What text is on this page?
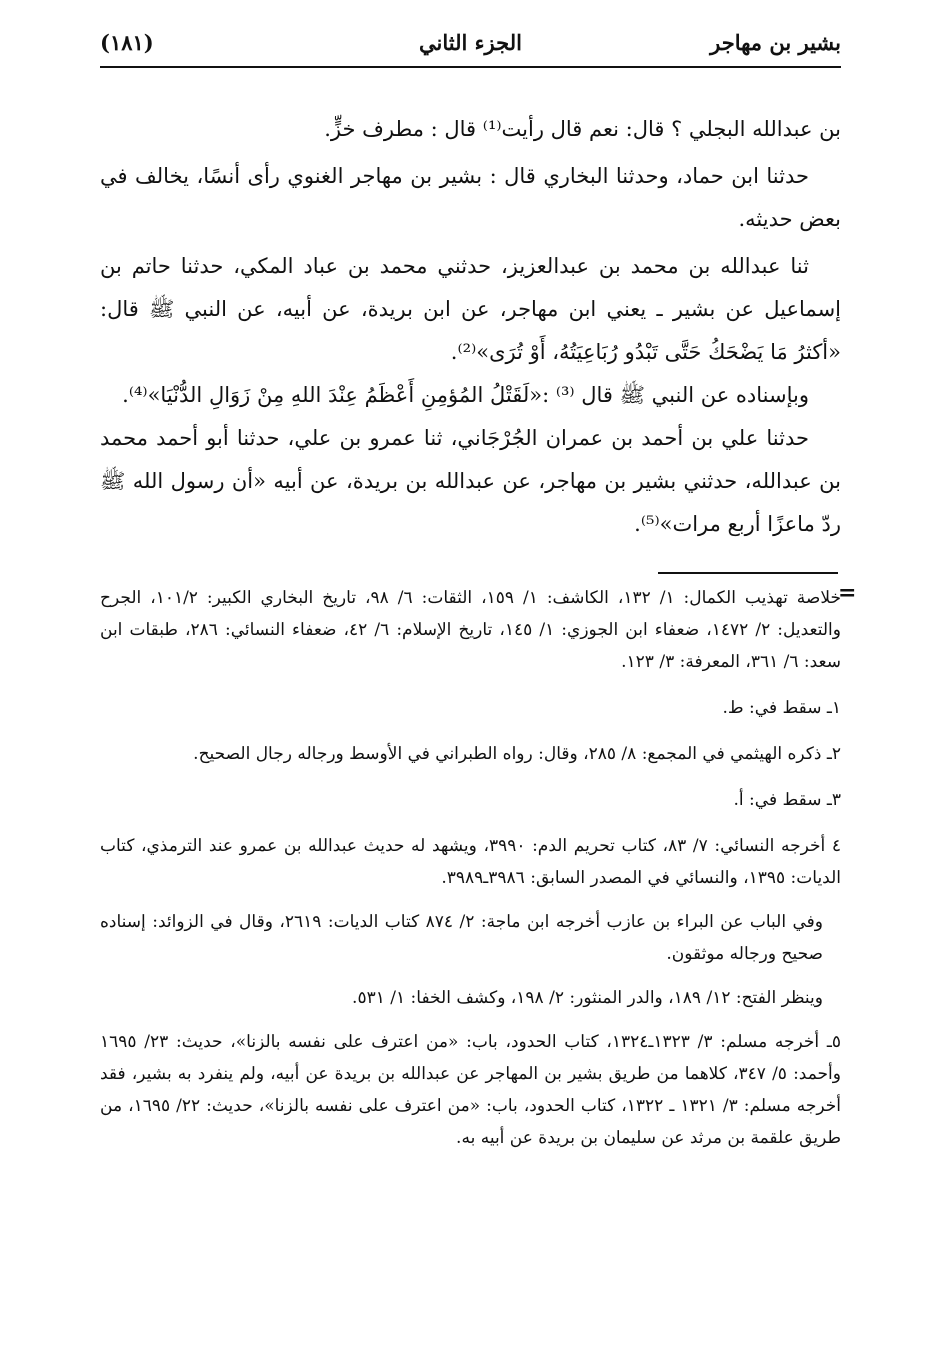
بشير بن مهاجر
الجزء الثاني
(١٨١)

بن عبدالله البجلي ؟ قال: نعم قال رأيت⁽¹⁾ قال : مطرف خزٍّ.

حدثنا ابن حماد، وحدثنا البخاري قال : بشير بن مهاجر الغنوي رأى أنسًا، يخالف في بعض حديثه.

ثنا عبدالله بن محمد بن عبدالعزيز، حدثني محمد بن عباد المكي، حدثنا حاتم بن إسماعيل عن بشير ـ يعني ابن مهاجر، عن ابن بريدة، عن أبيه، عن النبي ﷺ قال: «أكثرُ مَا يَضْحَكُ حَتَّى تَبْدُو رُبَاعِيَتُهُ، أَوْ تُرَى»⁽²⁾.

وبإسناده عن النبي ﷺ قال ⁽³⁾ :«لَقَتْلُ المُؤمِنِ أَعْظَمُ عِنْدَ اللهِ مِنْ زَوَالِ الدُّنْيَا»⁽⁴⁾.

حدثنا علي بن أحمد بن عمران الجُرْجَاني، ثنا عمرو بن علي، حدثنا أبو أحمد محمد بن عبدالله، حدثني بشير بن مهاجر، عن عبدالله بن بريدة، عن أبيه «أن رسول الله ﷺ ردّ ماعزًا أربع مرات»⁽⁵⁾.

=

خلاصة تهذيب الكمال: ١/ ١٣٢، الكاشف: ١/ ١٥٩، الثقات: ٦/ ٩٨، تاريخ البخاري الكبير: ١٠١/٢، الجرح والتعديل: ٢/ ١٤٧٢، ضعفاء ابن الجوزي: ١/ ١٤٥، تاريخ الإسلام: ٦/ ٤٢، ضعفاء النسائي: ٢٨٦، طبقات ابن سعد: ٦/ ٣٦١، المعرفة: ٣/ ١٢٣.

١ـ سقط في: ط.

٢ـ ذكره الهيثمي في المجمع: ٨/ ٢٨٥، وقال: رواه الطبراني في الأوسط ورجاله رجال الصحيح.

٣ـ سقط في: أ.

٤ أخرجه النسائي: ٧/ ٨٣، كتاب تحريم الدم: ٣٩٩٠، ويشهد له حديث عبدالله بن عمرو عند الترمذي، كتاب الديات: ١٣٩٥، والنسائي في المصدر السابق: ٣٩٨٦ـ٣٩٨٩.

وفي الباب عن البراء بن عازب أخرجه ابن ماجة: ٢/ ٨٧٤ كتاب الديات: ٢٦١٩، وقال في الزوائد: إسناده صحيح ورجاله موثقون.

وينظر الفتح: ١٢/ ١٨٩، والدر المنثور: ٢/ ١٩٨، وكشف الخفا: ١/ ٥٣١.

٥ـ أخرجه مسلم: ٣/ ١٣٢٣ـ١٣٢٤، كتاب الحدود، باب: «من اعترف على نفسه بالزنا»، حديث: ٢٣/ ١٦٩٥ وأحمد: ٥/ ٣٤٧، كلاهما من طريق بشير بن المهاجر عن عبدالله بن بريدة عن أبيه، ولم ينفرد به بشير، فقد أخرجه مسلم: ٣/ ١٣٢١ ـ ١٣٢٢، كتاب الحدود، باب: «من اعترف على نفسه بالزنا»، حديث: ٢٢/ ١٦٩٥، من طريق علقمة بن مرثد عن سليمان بن بريدة عن أبيه به.
